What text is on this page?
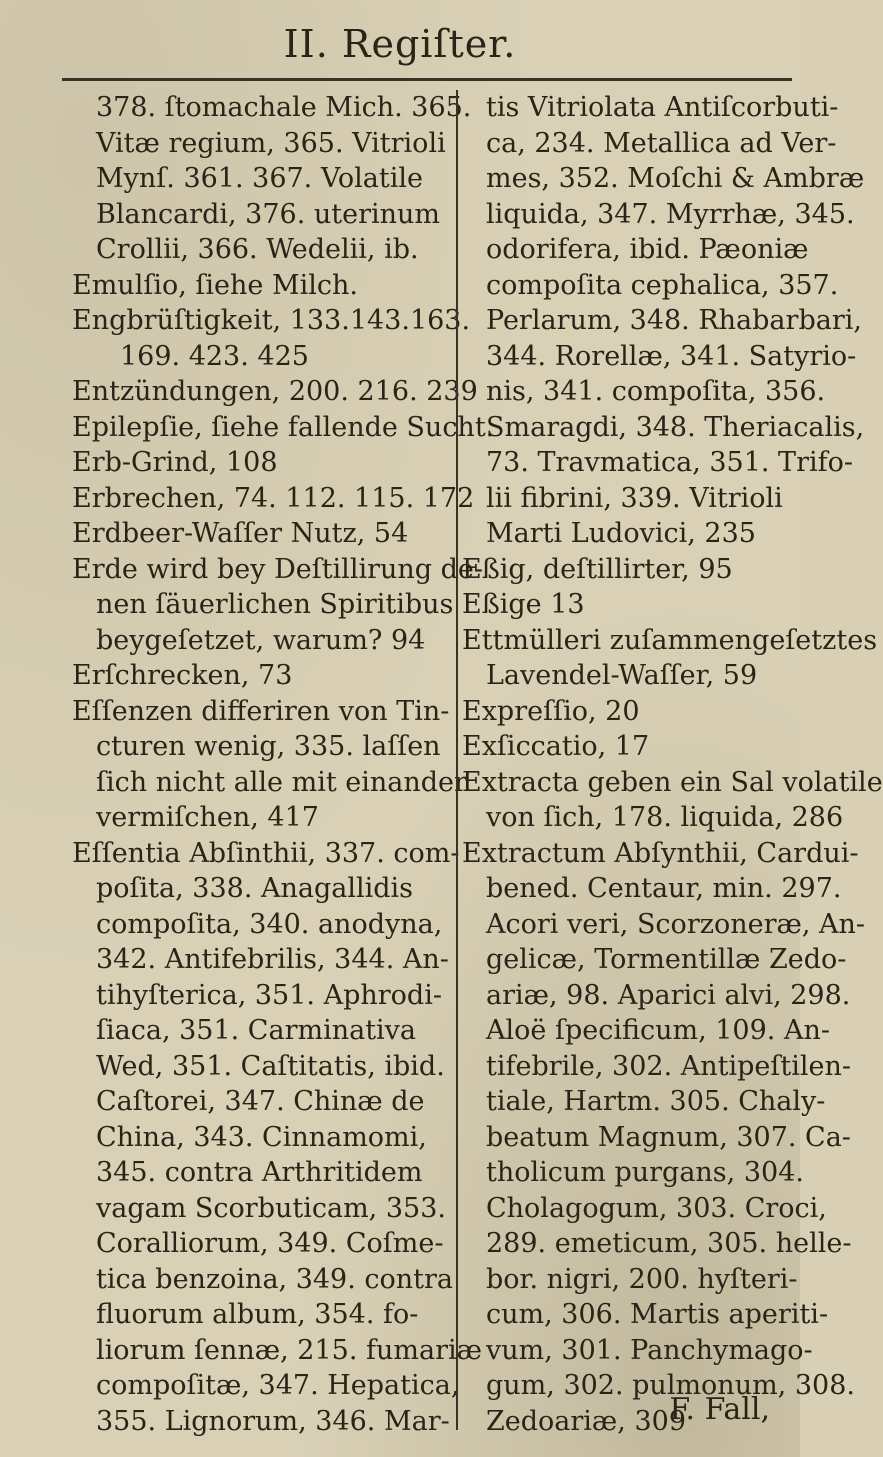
II. Regiſter.
378. ſtomachale Mich. 365.
Vitæ regium, 365. Vitrioli
Mynſ. 361. 367. Volatile
Blancardi, 376. uterinum
Crollii, 366. Wedelii, ib.
Emulſio, ſiehe Milch.
Engbrüſtigkeit, 133.143.163.
169. 423. 425
Entzündungen, 200. 216. 239
Epilepſie, ſiehe fallende Sucht.
Erb-Grind, 108
Erbrechen, 74. 112. 115. 172
Erdbeer-Waſſer Nutz, 54
Erde wird bey Deſtillirung de-
nen ſäuerlichen Spiritibus
beygeſetzet, warum? 94
Erſchrecken, 73
Eſſenzen differiren von Tin-
cturen wenig, 335. laſſen
ſich nicht alle mit einander
vermiſchen, 417
Eſſentia Abſinthii, 337. com-
poſita, 338. Anagallidis
compoſita, 340. anodyna,
342. Antifebrilis, 344. An-
tihyſterica, 351. Aphrodi-
ſiaca, 351. Carminativa
Wed, 351. Caſtitatis, ibid.
Caſtorei, 347. Chinæ de
China, 343. Cinnamomi,
345. contra Arthritidem
vagam Scorbuticam, 353.
Coralliorum, 349. Coſme-
tica benzoina, 349. contra
fluorum album, 354. fo-
liorum ſennæ, 215. fumariæ
compoſitæ, 347. Hepatica,
355. Lignorum, 346. Mar-
tis Vitriolata Antiſcorbuti-
ca, 234. Metallica ad Ver-
mes, 352. Moſchi & Ambræ
liquida, 347. Myrrhæ, 345.
odorifera, ibid. Pæoniæ
compoſita cephalica, 357.
Perlarum, 348. Rhabarbari,
344. Rorellæ, 341. Satyrio-
nis, 341. compoſita, 356.
Smaragdi, 348. Theriacalis,
73. Travmatica, 351. Trifo-
lii fibrini, 339. Vitrioli
Marti Ludovici, 235
Eßig, deſtillirter, 95
Eßige 13
Ettmülleri zuſammengeſetztes
Lavendel-Waſſer, 59
Expreſſio, 20
Exſiccatio, 17
Extracta geben ein Sal volatile
von ſich, 178. liquida, 286
Extractum Abſynthii, Cardui-
bened. Centaur, min. 297.
Acori veri, Scorzoneræ, An-
gelicæ, Tormentillæ Zedo-
ariæ, 98. Aparici alvi, 298.
Aloë ſpecificum, 109. An-
tifebrile, 302. Antipeſtilen-
tiale, Hartm. 305. Chaly-
beatum Magnum, 307. Ca-
tholicum purgans, 304.
Cholagogum, 303. Croci,
289. emeticum, 305. helle-
bor. nigri, 200. hyſteri-
cum, 306. Martis aperiti-
vum, 301. Panchymago-
gum, 302. pulmonum, 308.
Zedoariæ, 309
F. Fall,
